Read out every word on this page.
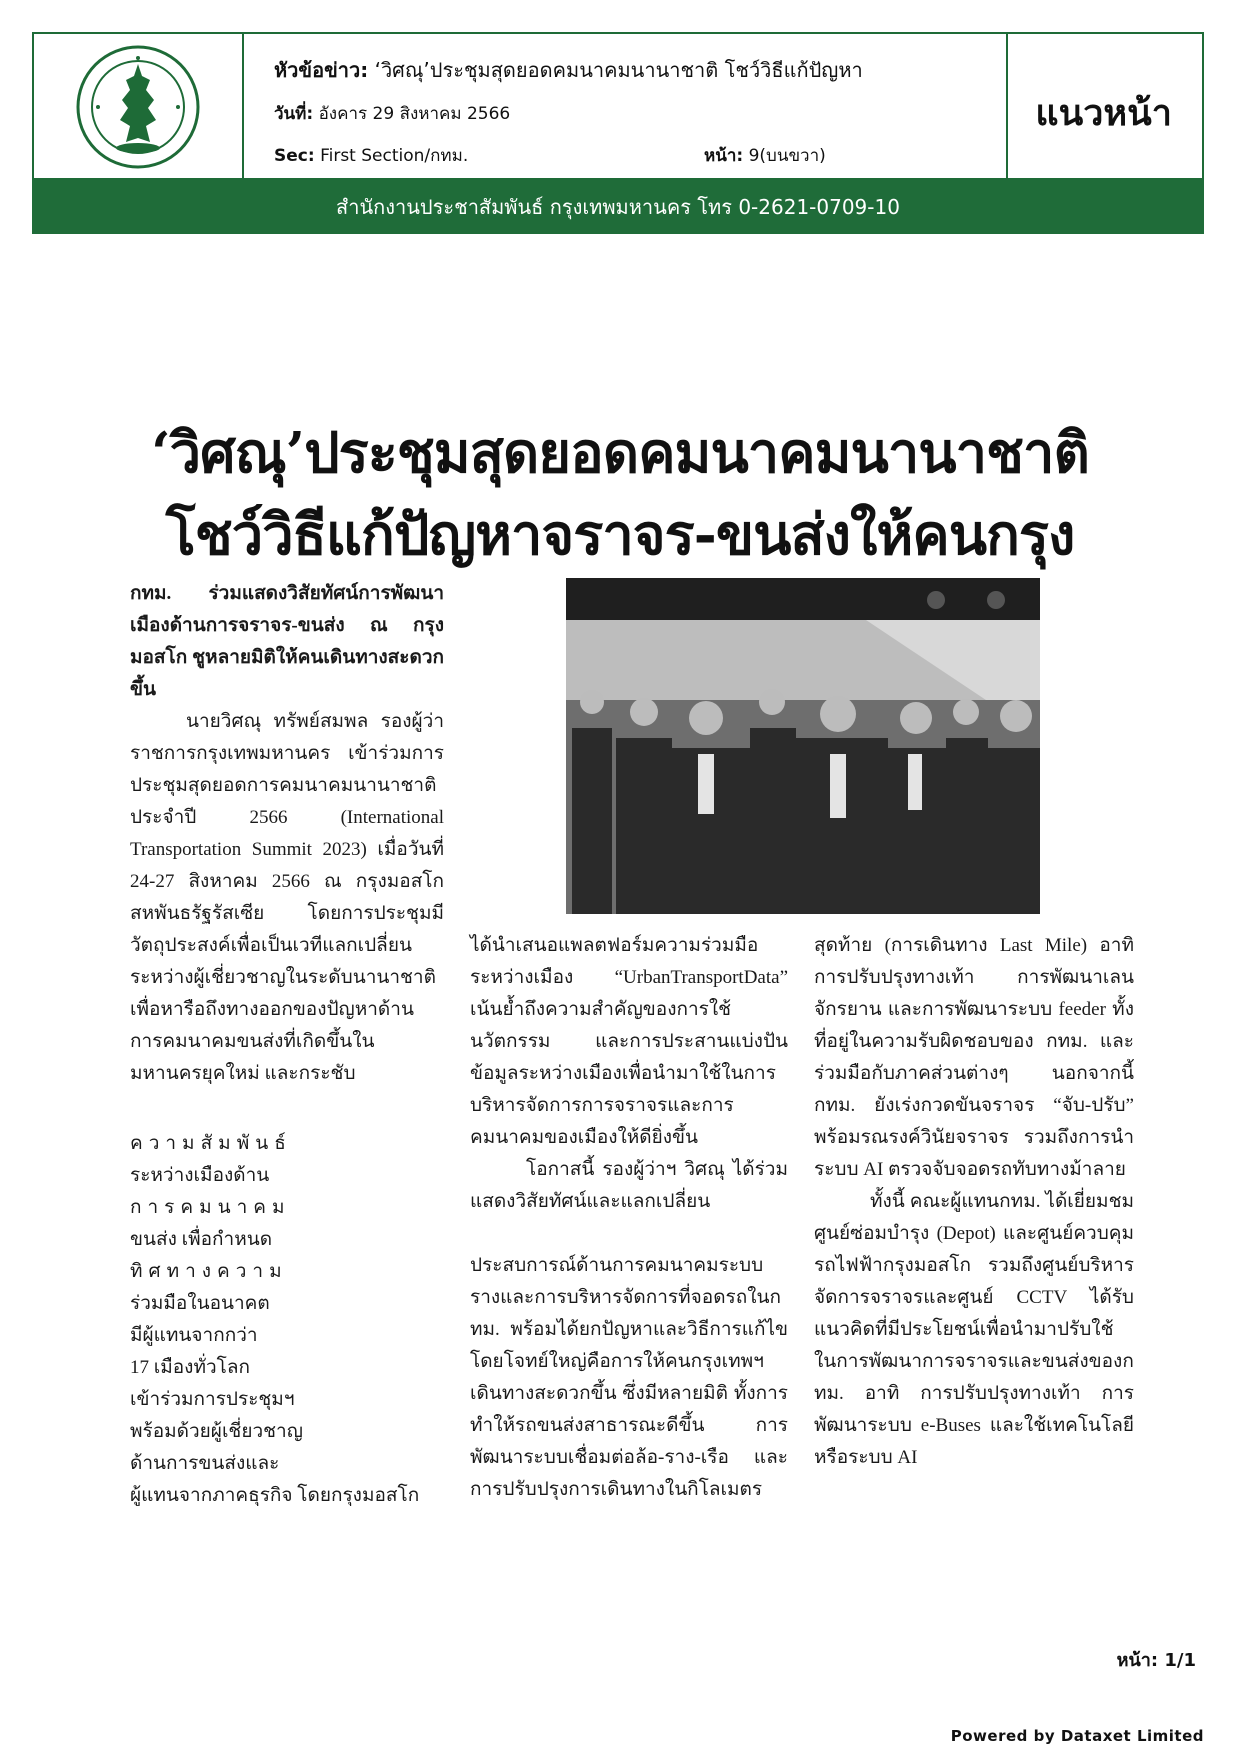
หัวข้อข่าว: ‘วิศณุ’ประชุมสุดยอดคมนาคมนานาชาติ โชว์วิธีแก้ปัญหา
วันที่: อังคาร 29 สิงหาคม 2566
Sec: First Section/กทม.	หน้า: 9(บนขวา)
แนวหน้า
สำนักงานประชาสัมพันธ์ กรุงเทพมหานคร โทร 0-2621-0709-10
‘วิศณุ’ประชุมสุดยอดคมนาคมนานาชาติ
โชว์วิธีแก้ปัญหาจราจร-ขนส่งให้คนกรุง

กทม. ร่วมแสดงวิสัยทัศน์การพัฒนาเมืองด้านการจราจร-ขนส่ง ณ กรุงมอสโก ชูหลายมิติให้คนเดินทางสะดวกขึ้น

นายวิศณุ ทรัพย์สมพล รองผู้ว่าราชการกรุงเทพมหานคร เข้าร่วมการประชุมสุดยอดการคมนาคมนานาชาติ ประจำปี 2566 (International Transportation Summit 2023) เมื่อวันที่ 24-27 สิงหาคม 2566 ณ กรุงมอสโก สหพันธรัฐรัสเซีย โดยการประชุมมีวัตถุประสงค์เพื่อเป็นเวทีแลกเปลี่ยนระหว่างผู้เชี่ยวชาญในระดับนานาชาติเพื่อหารือถึงทางออกของปัญหาด้านการคมนาคมขนส่งที่เกิดขึ้นในมหานครยุคใหม่ และกระชับ

ความสัมพันธ์
ระหว่างเมืองด้าน
การคมนาคม
ขนส่ง เพื่อกำหนด
ทิศทางความ
ร่วมมือในอนาคต
มีผู้แทนจากกว่า
17 เมืองทั่วโลก
เข้าร่วมการประชุมฯ
พร้อมด้วยผู้เชี่ยวชาญ
ด้านการขนส่งและ
ผู้แทนจากภาคธุรกิจ โดยกรุงมอสโก

ได้นำเสนอแพลตฟอร์มความร่วมมือระหว่างเมือง “UrbanTransportData” เน้นย้ำถึงความสำคัญของการใช้นวัตกรรม และการประสานแบ่งปันข้อมูลระหว่างเมืองเพื่อนำมาใช้ในการบริหารจัดการการจราจรและการคมนาคมของเมืองให้ดียิ่งขึ้น

โอกาสนี้ รองผู้ว่าฯ วิศณุ ได้ร่วมแสดงวิสัยทัศน์และแลกเปลี่ยน

ประสบการณ์ด้านการคมนาคมระบบรางและการบริหารจัดการที่จอดรถในกทม. พร้อมได้ยกปัญหาและวิธีการแก้ไข โดยโจทย์ใหญ่คือการให้คนกรุงเทพฯ เดินทางสะดวกขึ้น ซึ่งมีหลายมิติ ทั้งการทำให้รถขนส่งสาธารณะดีขึ้น การพัฒนาระบบเชื่อมต่อล้อ-ราง-เรือ และการปรับปรุงการเดินทางในกิโลเมตร

สุดท้าย (การเดินทาง Last Mile) อาทิ การปรับปรุงทางเท้า การพัฒนาเลนจักรยาน และการพัฒนาระบบ feeder ทั้งที่อยู่ในความรับผิดชอบของ กทม. และร่วมมือกับภาคส่วนต่างๆ นอกจากนี้ กทม. ยังเร่งกวดขันจราจร “จับ-ปรับ” พร้อมรณรงค์วินัยจราจร รวมถึงการนำระบบ AI ตรวจจับจอดรถทับทางม้าลาย

ทั้งนี้ คณะผู้แทนกทม. ได้เยี่ยมชมศูนย์ซ่อมบำรุง (Depot) และศูนย์ควบคุมรถไฟฟ้ากรุงมอสโก รวมถึงศูนย์บริหารจัดการจราจรและศูนย์ CCTV ได้รับแนวคิดที่มีประโยชน์เพื่อนำมาปรับใช้ในการพัฒนาการจราจรและขนส่งของกทม. อาทิ การปรับปรุงทางเท้า การพัฒนาระบบ e-Buses และใช้เทคโนโลยีหรือระบบ AI

หน้า: 1/1
Powered by Dataxet Limited
